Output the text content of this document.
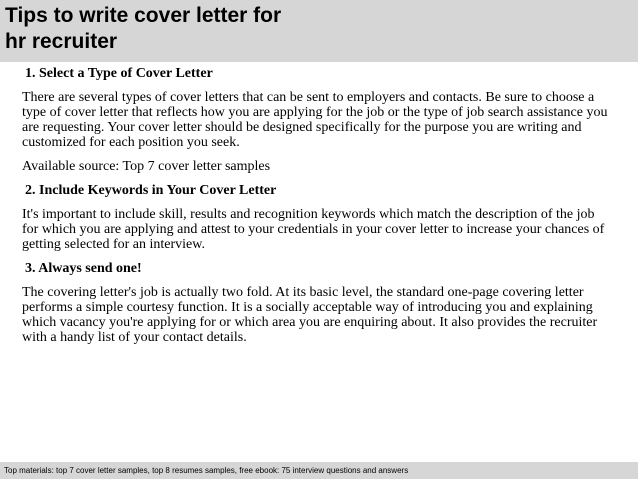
Tips to write cover letter for
hr recruiter

1. Select a Type of Cover Letter

There are several types of cover letters that can be sent to employers and contacts. Be sure to choose a type of cover letter that reflects how you are applying for the job or the type of job search assistance you are requesting. Your cover letter should be designed specifically for the purpose you are writing and customized for each position you seek.

Available source: Top 7 cover letter samples

2. Include Keywords in Your Cover Letter

It's important to include skill, results and recognition keywords which match the description of the job for which you are applying and attest to your credentials in your cover letter to increase your chances of getting selected for an interview.

3. Always send one!

The covering letter's job is actually two fold. At its basic level, the standard one-page covering letter performs a simple courtesy function. It is a socially acceptable way of introducing you and explaining which vacancy you're applying for or which area you are enquiring about. It also provides the recruiter with a handy list of your contact details.

Top materials: top 7 cover letter samples, top 8 resumes samples, free ebook: 75 interview questions and answers
